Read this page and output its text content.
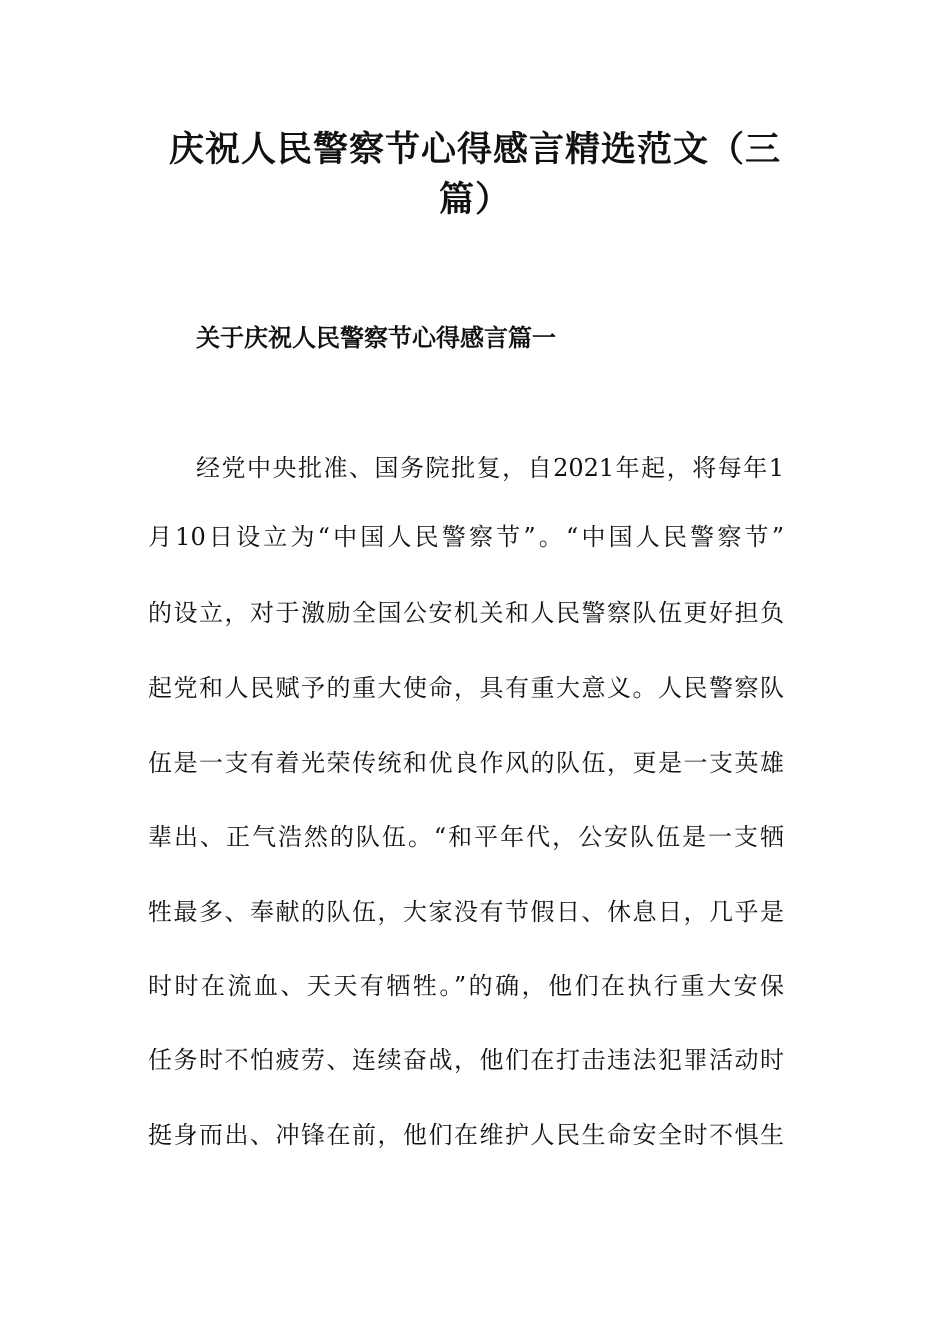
庆祝人民警察节心得感言精选范文（三
篇）
关于庆祝人民警察节心得感言篇一
经党中央批准、国务院批复，自2021年起，将每年1
月10日设立为“中国人民警察节”。“中国人民警察节”
的设立，对于激励全国公安机关和人民警察队伍更好担负
起党和人民赋予的重大使命，具有重大意义。人民警察队
伍是一支有着光荣传统和优良作风的队伍，更是一支英雄
辈出、正气浩然的队伍。“和平年代，公安队伍是一支牺
牲最多、奉献的队伍，大家没有节假日、休息日，几乎是
时时在流血、天天有牺牲。”的确，他们在执行重大安保
任务时不怕疲劳、连续奋战，他们在打击违法犯罪活动时
挺身而出、冲锋在前，他们在维护人民生命安全时不惧生
